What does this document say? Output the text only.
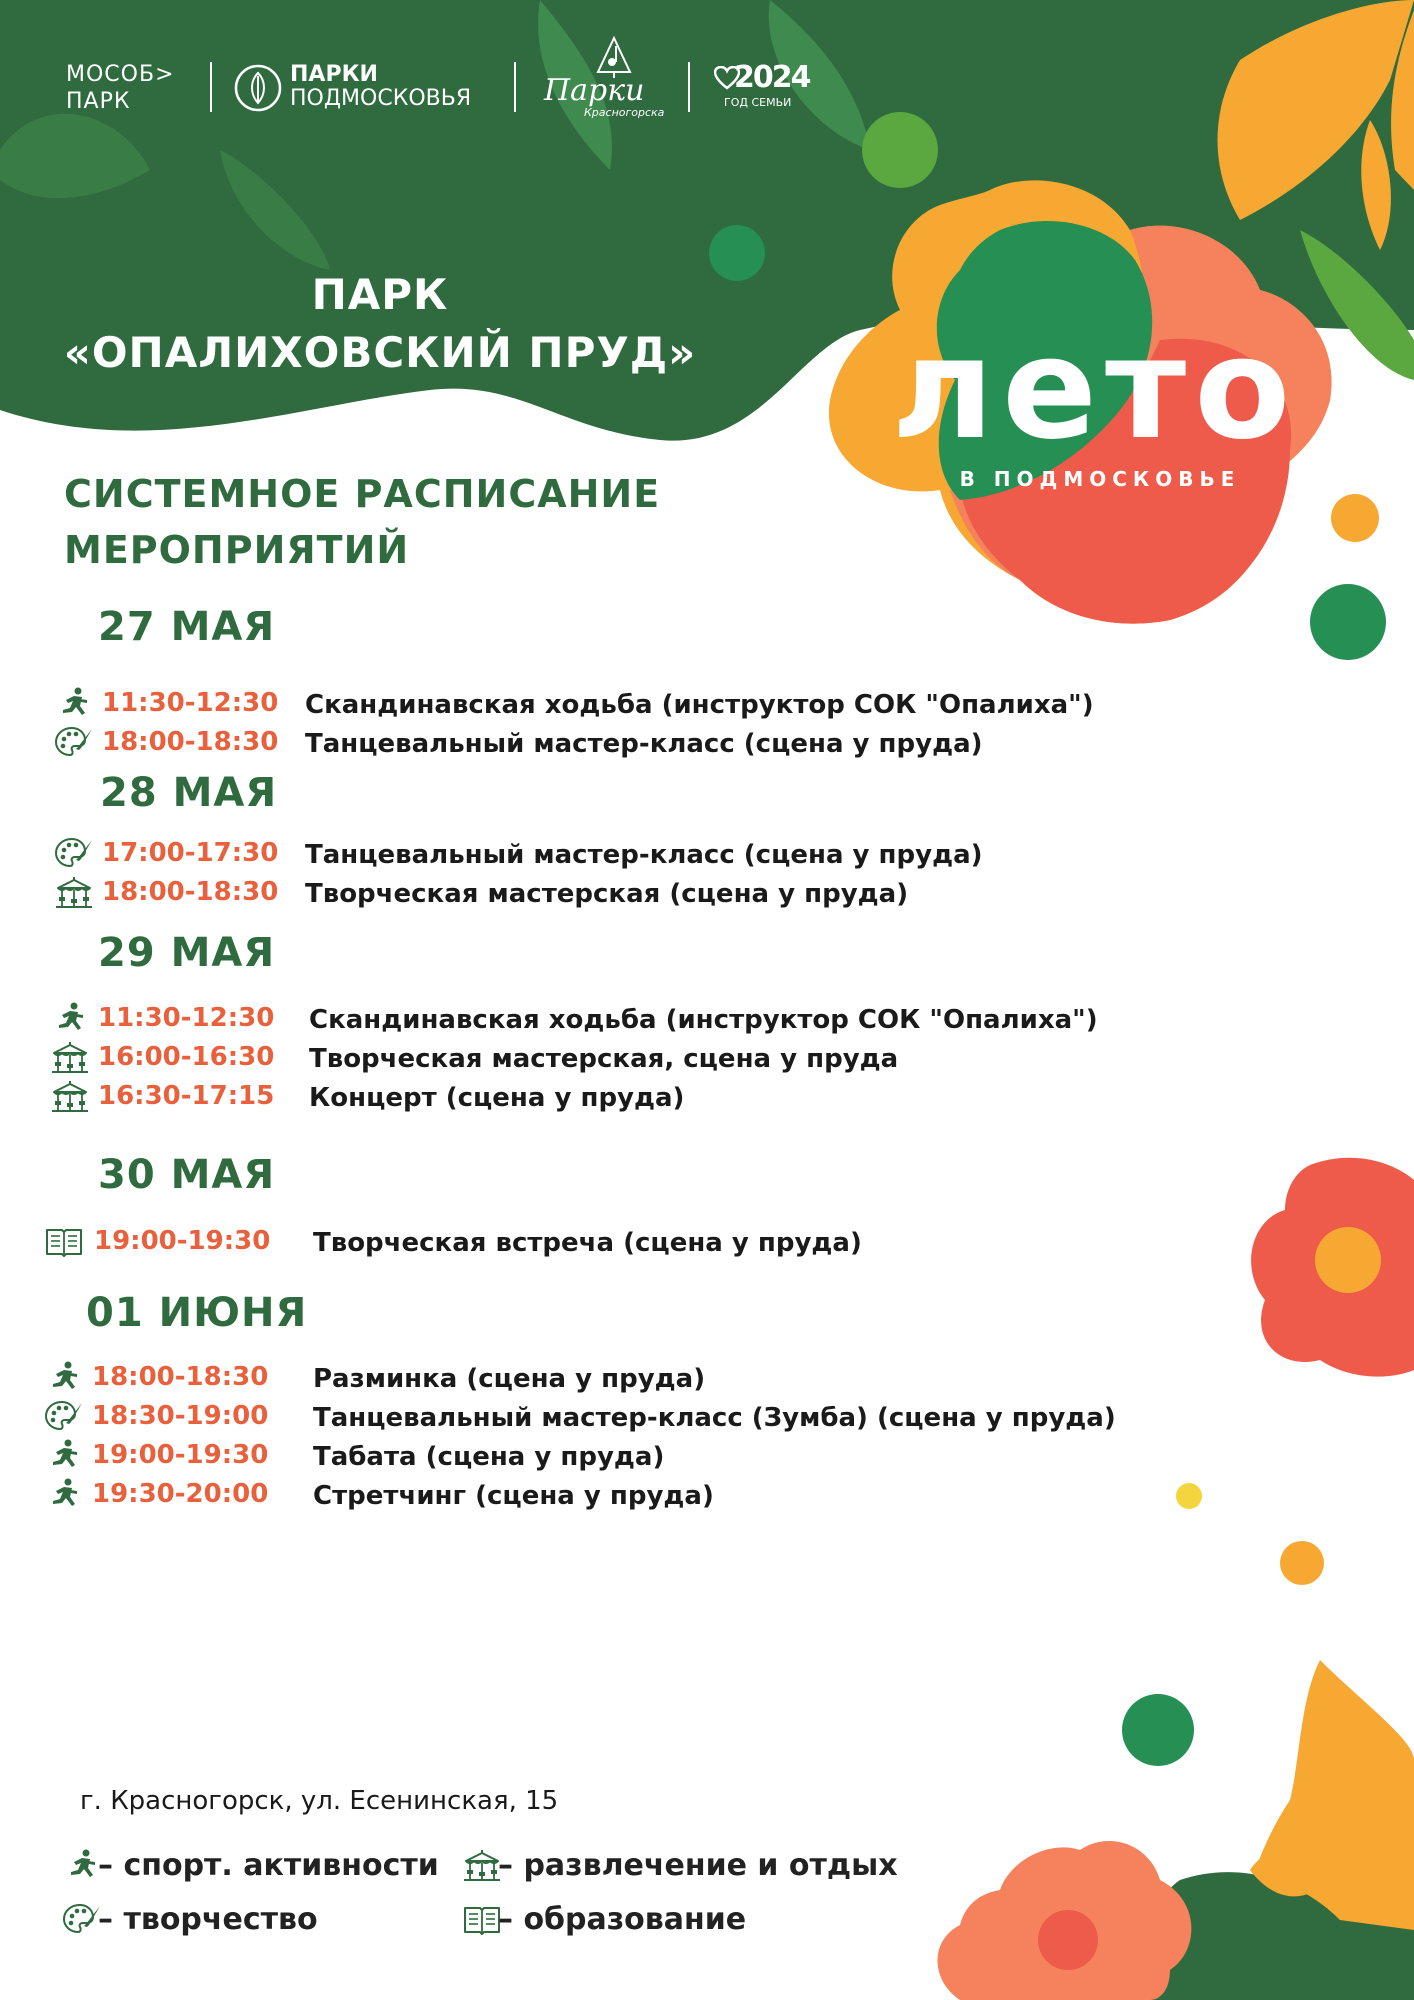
МОСОБ>
ПАРК
ПАРКИ
ПОДМОСКОВЬЯ Парки
Красногорска
2024
ГОД СЕМЬИ
ПАРК
«ОПАЛИХОВСКИЙ ПРУД»	лето
В ПОДМОСКОВЬЕ
СИСТЕМНОЕ РАСПИСАНИЕ
МЕРОПРИЯТИЙ
27 МАЯ
11:30-12:30 Скандинавская ходьба (инструктор СОК "Опалиха")
18:00-18:30 Танцевальный мастер-класс (сцена у пруда)
28 МАЯ
17:00-17:30 Танцевальный мастер-класс (сцена у пруда)
18:00-18:30 Творческая мастерская (сцена у пруда)
29 МАЯ
11:30-12:30 Скандинавская ходьба (инструктор СОК "Опалиха")
16:00-16:30 Творческая мастерская, сцена у пруда
16:30-17:15 Концерт (сцена у пруда)
30 МАЯ
19:00-19:30 Творческая встреча (сцена у пруда)
01 ИЮНЯ
18:00-18:30 Разминка (сцена у пруда)
18:30-19:00 Танцевальный мастер-класс (Зумба) (сцена у пруда)
19:00-19:30 Табата (сцена у пруда)
19:30-20:00 Стретчинг (сцена у пруда)
г. Красногорск, ул. Есенинская, 15
– спорт. активности – развлечение и отдых
– творчество	– образование
